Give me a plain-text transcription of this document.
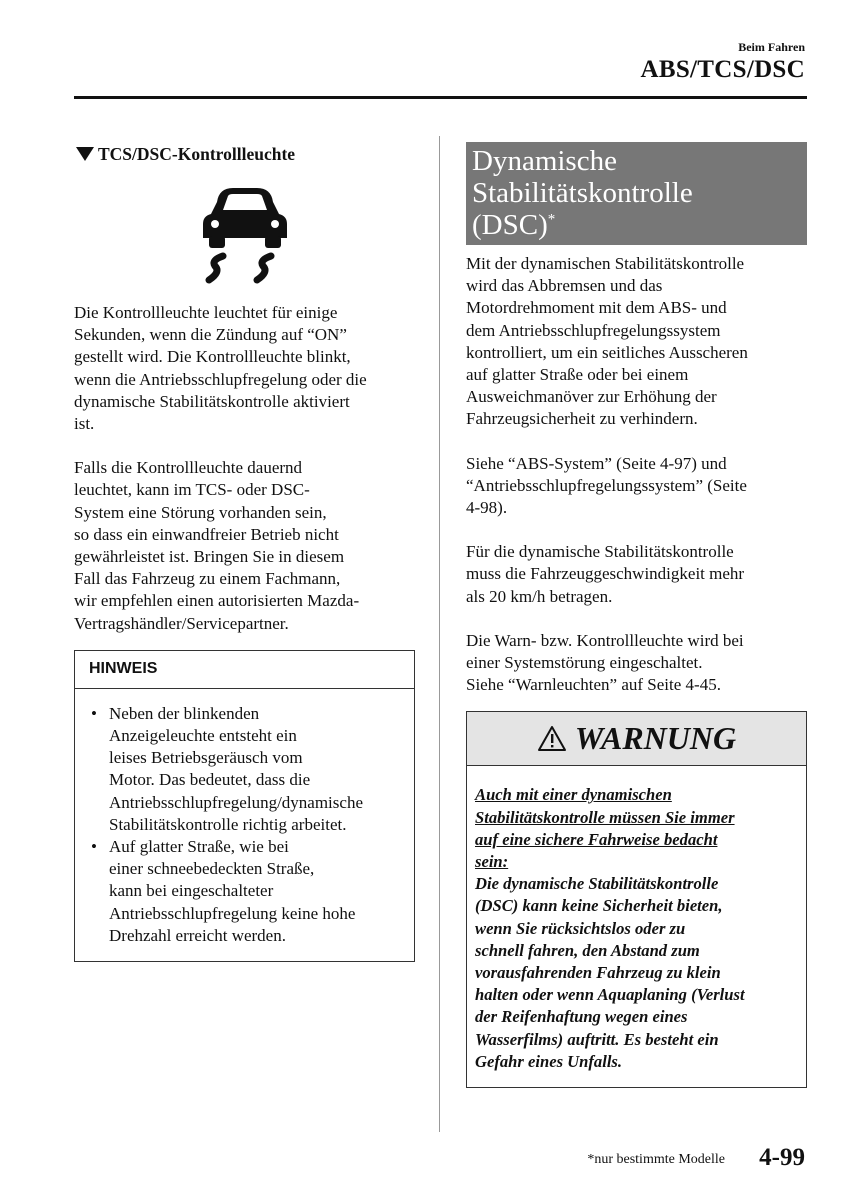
Beim Fahren
ABS/TCS/DSC
TCS/DSC-Kontrollleuchte
Die Kontrollleuchte leuchtet für einige
Sekunden, wenn die Zündung auf “ON”
gestellt wird. Die Kontrollleuchte blinkt,
wenn die Antriebsschlupfregelung oder die
dynamische Stabilitätskontrolle aktiviert
ist.
Falls die Kontrollleuchte dauernd
leuchtet, kann im TCS- oder DSC-
System eine Störung vorhanden sein,
so dass ein einwandfreier Betrieb nicht
gewährleistet ist. Bringen Sie in diesem
Fall das Fahrzeug zu einem Fachmann,
wir empfehlen einen autorisierten Mazda-
Vertragshändler/Servicepartner.
HINWEIS
• Neben der blinkenden
Anzeigeleuchte entsteht ein
leises Betriebsgeräusch vom
Motor. Das bedeutet, dass die
Antriebsschlupfregelung/dynamische
Stabilitätskontrolle richtig arbeitet.
• Auf glatter Straße, wie bei
einer schneebedeckten Straße,
kann bei eingeschalteter
Antriebsschlupfregelung keine hohe
Drehzahl erreicht werden.
Dynamische
Stabilitätskontrolle
(DSC)*
Mit der dynamischen Stabilitätskontrolle
wird das Abbremsen und das
Motordrehmoment mit dem ABS- und
dem Antriebsschlupfregelungssystem
kontrolliert, um ein seitliches Ausscheren
auf glatter Straße oder bei einem
Ausweichmanöver zur Erhöhung der
Fahrzeugsicherheit zu verhindern.
Siehe “ABS-System” (Seite 4-97) und
“Antriebsschlupfregelungssystem” (Seite
4-98).
Für die dynamische Stabilitätskontrolle
muss die Fahrzeuggeschwindigkeit mehr
als 20 km/h betragen.
Die Warn- bzw. Kontrollleuchte wird bei
einer Systemstörung eingeschaltet.
Siehe “Warnleuchten” auf Seite 4-45.
WARNUNG
Auch mit einer dynamischen
Stabilitätskontrolle müssen Sie immer
auf eine sichere Fahrweise bedacht
sein:
Die dynamische Stabilitätskontrolle
(DSC) kann keine Sicherheit bieten,
wenn Sie rücksichtslos oder zu
schnell fahren, den Abstand zum
vorausfahrenden Fahrzeug zu klein
halten oder wenn Aquaplaning (Verlust
der Reifenhaftung wegen eines
Wasserfilms) auftritt. Es besteht ein
Gefahr eines Unfalls.
*nur bestimmte Modelle 4-99
